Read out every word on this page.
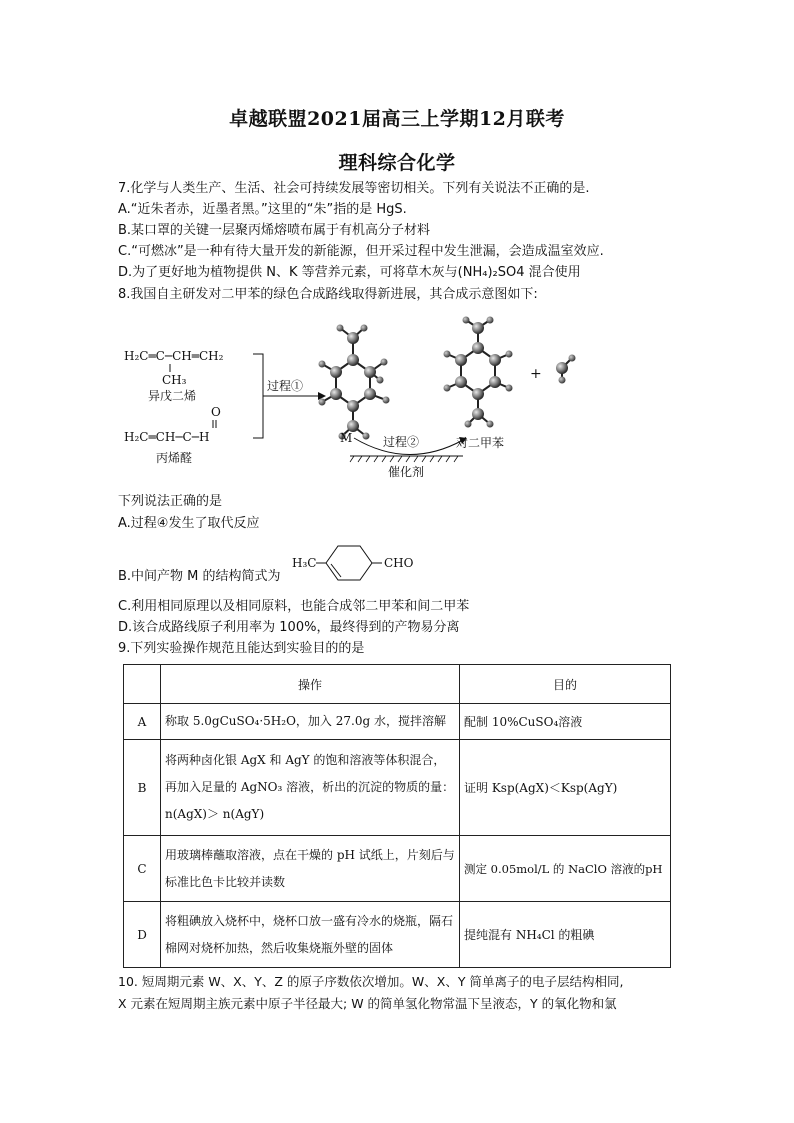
卓越联盟2021届高三上学期12月联考
理科综合化学
7.化学与人类生产、生活、社会可持续发展等密切相关。下列有关说法不正确的是.
A.“近朱者赤，近墨者黑。”这里的“朱”指的是 HgS.
B.某口罩的关键一层聚丙烯熔喷布属于有机高分子材料
C.“可燃冰”是一种有待大量开发的新能源，但开采过程中发生泄漏，会造成温室效应.
D.为了更好地为植物提供 N、K 等营养元素，可将草木灰与(NH₄)₂SO4 混合使用
8.我国自主研发对二甲苯的绿色合成路线取得新进展，其合成示意图如下:
H₂C═C─CH═CH₂
CH₃
异戊二烯
O
H₂C═CH─C─H
丙烯醛
过程①
M	过程②
催化剂
对二甲苯
+
下列说法正确的是
A.过程④发生了取代反应
B.中间产物 M 的结构简式为
H₃C	CHO
C.利用相同原理以及相同原料，也能合成邻二甲苯和间二甲苯
D.该合成路线原子利用率为 100%，最终得到的产物易分离
9.下列实验操作规范且能达到实验目的的是
	操作	目的
A	称取 5.0gCuSO₄·5H₂O，加入 27.0g 水，搅拌溶解	配制 10%CuSO₄溶液
B	将两种卤化银 AgX 和 AgY 的饱和溶液等体积混合，再加入足量的 AgNO₃ 溶液，析出的沉淀的物质的量：n(AgX)＞ n(AgY)	证明 Ksp(AgX)＜Ksp(AgY)
C	用玻璃棒蘸取溶液，点在干燥的 pH 试纸上，片刻后与标准比色卡比较并读数	测定 0.05mol/L 的 NaClO 溶液的pH
D	将粗碘放入烧杯中，烧杯口放一盛有冷水的烧瓶，隔石棉网对烧杯加热，然后收集烧瓶外壁的固体	提纯混有 NH₄Cl 的粗碘
10. 短周期元素 W、X、Y、Z 的原子序数依次增加。W、X、Y 简单离子的电子层结构相同,
X 元素在短周期主族元素中原子半径最大; W 的简单氢化物常温下呈液态，Y 的氧化物和氯
